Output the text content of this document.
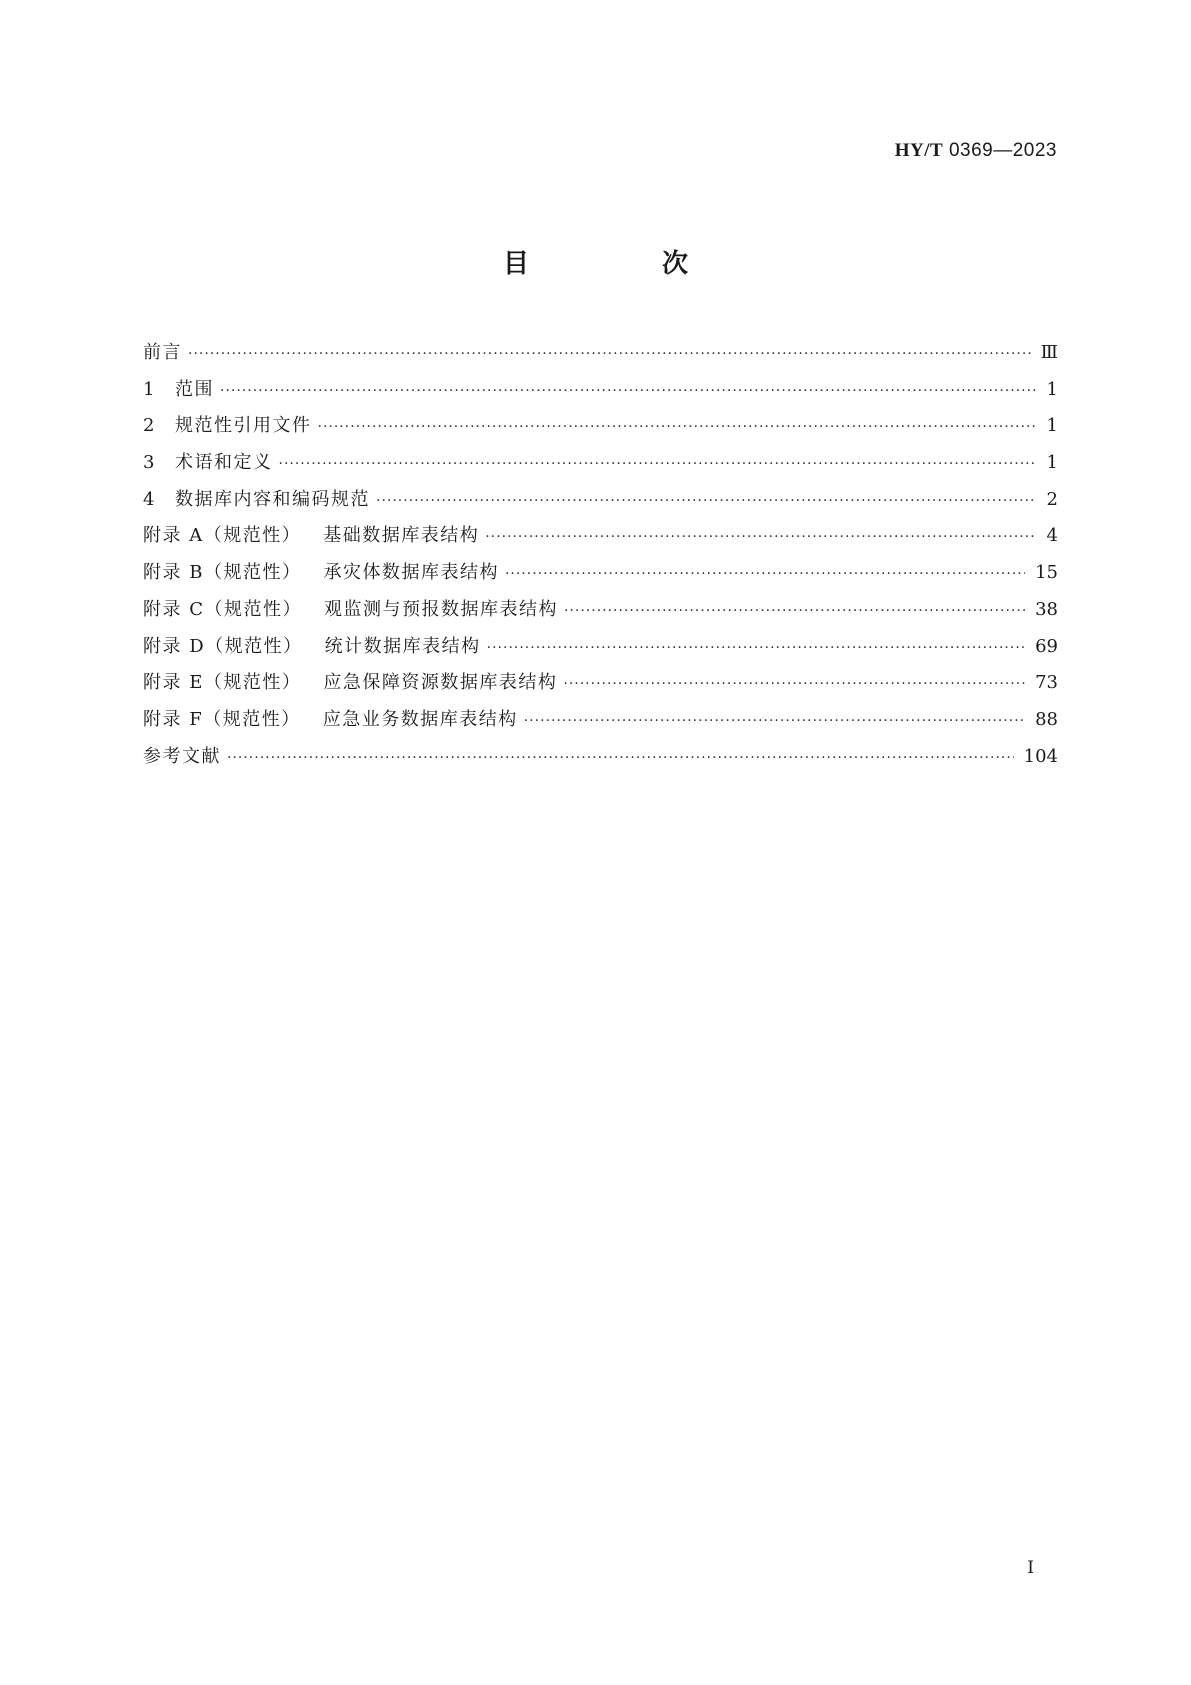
HY/T 0369—2023
目 次
前言 ·····	Ⅲ
1	范围 ·····	1
2	规范性引用文件 ·····	1
3	术语和定义 ·····	1
4	数据库内容和编码规范 ·····	2
附录 A（规范性） 基础数据库表结构 ·····	4
附录 B（规范性） 承灾体数据库表结构 ·····	15
附录 C（规范性） 观监测与预报数据库表结构 ·····	38
附录 D（规范性） 统计数据库表结构 ·····	69
附录 E（规范性） 应急保障资源数据库表结构 ·····	73
附录 F（规范性） 应急业务数据库表结构 ·····	88
参考文献 ·····	104
Ⅰ
